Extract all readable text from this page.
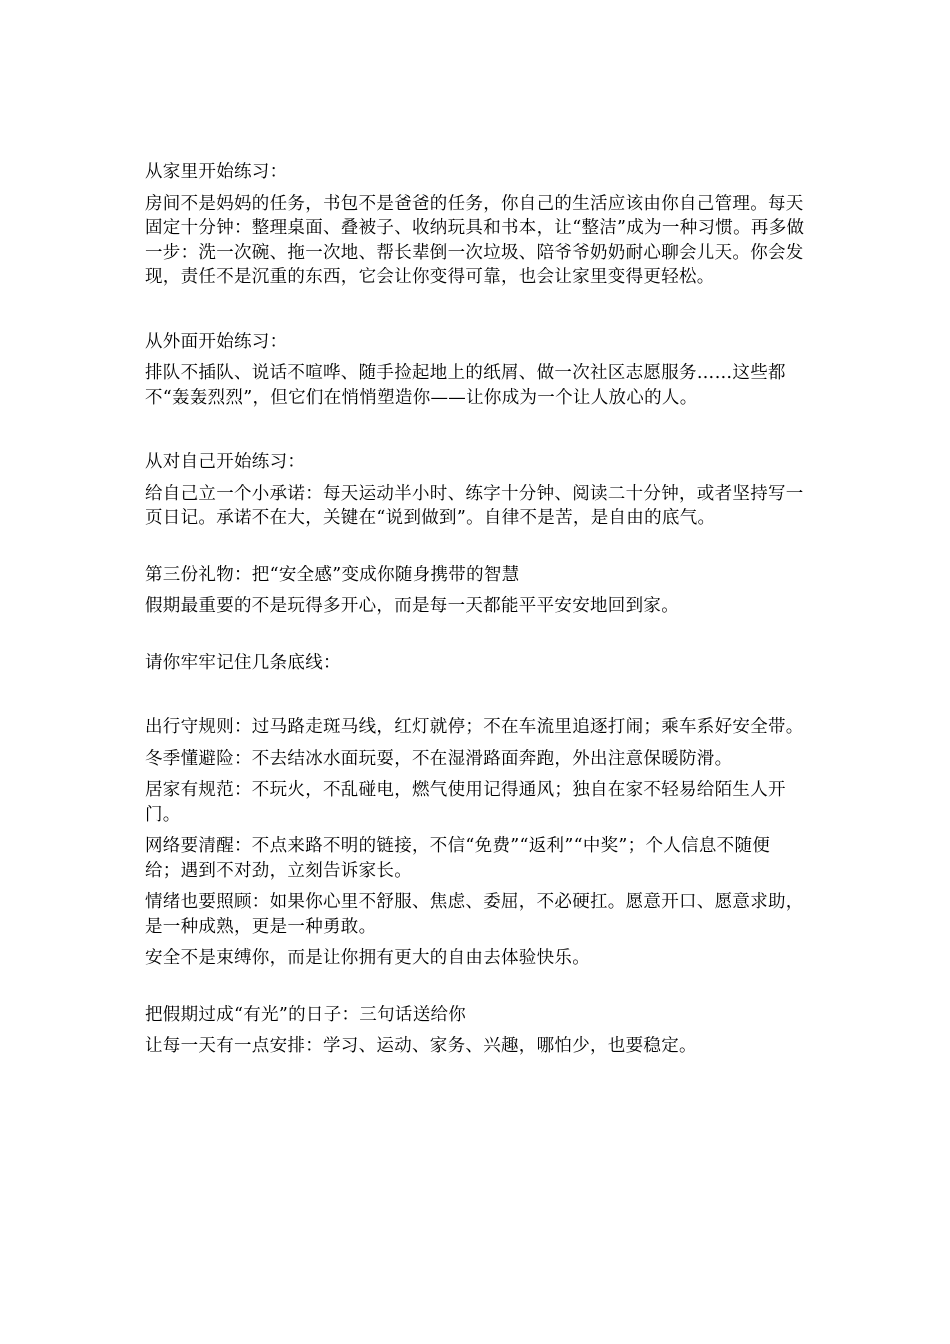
从家里开始练习：

房间不是妈妈的任务，书包不是爸爸的任务，你自己的生活应该由你自己管理。每天固定十分钟：整理桌面、叠被子、收纳玩具和书本，让“整洁”成为一种习惯。再多做一步：洗一次碗、拖一次地、帮长辈倒一次垃圾、陪爷爷奶奶耐心聊会儿天。你会发现，责任不是沉重的东西，它会让你变得可靠，也会让家里变得更轻松。

从外面开始练习：

排队不插队、说话不喧哗、随手捡起地上的纸屑、做一次社区志愿服务……这些都不“轰轰烈烈”，但它们在悄悄塑造你——让你成为一个让人放心的人。

从对自己开始练习：

给自己立一个小承诺：每天运动半小时、练字十分钟、阅读二十分钟，或者坚持写一页日记。承诺不在大，关键在“说到做到”。自律不是苦，是自由的底气。

第三份礼物：把“安全感”变成你随身携带的智慧

假期最重要的不是玩得多开心，而是每一天都能平平安安地回到家。

请你牢牢记住几条底线：

出行守规则：过马路走斑马线，红灯就停；不在车流里追逐打闹；乘车系好安全带。

冬季懂避险：不去结冰水面玩耍，不在湿滑路面奔跑，外出注意保暖防滑。

居家有规范：不玩火，不乱碰电，燃气使用记得通风；独自在家不轻易给陌生人开门。

网络要清醒：不点来路不明的链接，不信“免费”“返利”“中奖”；个人信息不随便给；遇到不对劲，立刻告诉家长。

情绪也要照顾：如果你心里不舒服、焦虑、委屈，不必硬扛。愿意开口、愿意求助，是一种成熟，更是一种勇敢。

安全不是束缚你，而是让你拥有更大的自由去体验快乐。

把假期过成“有光”的日子：三句话送给你

让每一天有一点安排：学习、运动、家务、兴趣，哪怕少，也要稳定。
